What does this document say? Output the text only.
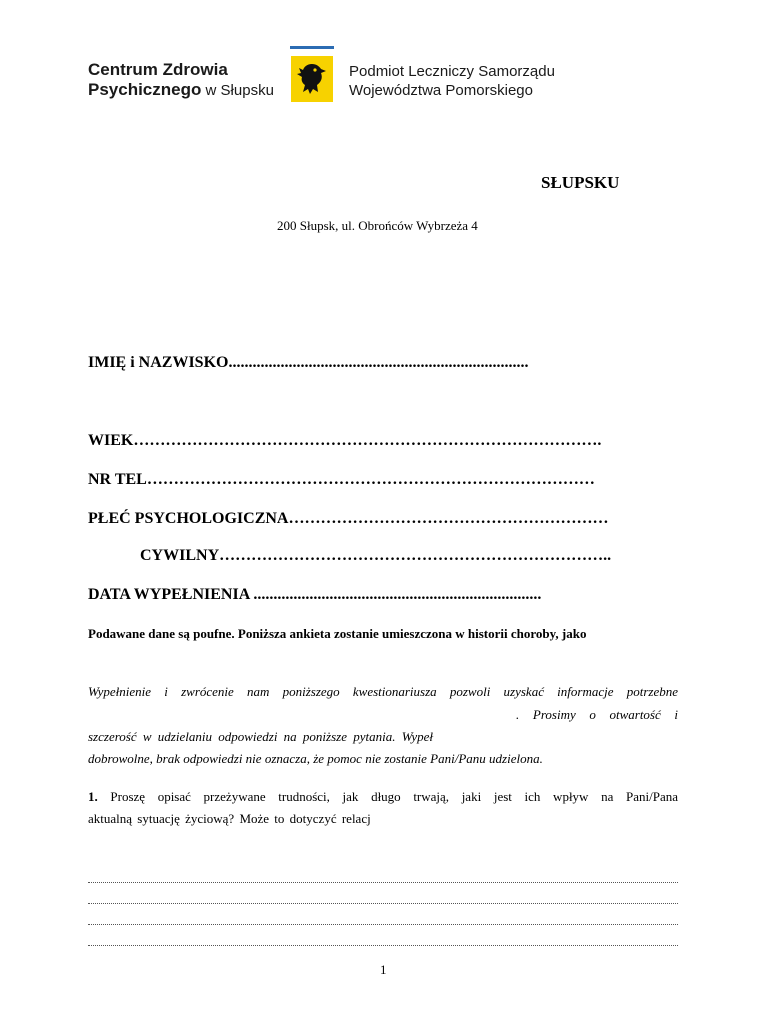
Centrum Zdrowia
Psychicznego w Słupsku
Podmiot Leczniczy Samorządu
Województwa Pomorskiego
SŁUPSKU
200 Słupsk, ul. Obrońców Wybrzeża 4
IMIĘ i NAZWISKO...........................................................................
WIEK…………………………………………………………………………….
NR TEL…………………………………………………………………………
PŁEĆ PSYCHOLOGICZNA……………………………………………………
CYWILNY………………………………………………………………..
DATA WYPEŁNIENIA ........................................................................
Podawane dane są poufne. Poniższa ankieta zostanie umieszczona w historii choroby, jako
Wypełnienie i zwrócenie nam poniższego kwestionariusza pozwoli uzyskać informacje potrzebne
. Prosimy o otwartość i
szczerość w udzielaniu odpowiedzi na poniższe pytania. Wypeł
dobrowolne, brak odpowiedzi nie oznacza, że pomoc nie zostanie Pani/Panu udzielona.
1. Proszę opisać przeżywane trudności, jak długo trwają, jaki jest ich wpływ na Pani/Pana
aktualną sytuację życiową? Może to dotyczyć relacj
1
